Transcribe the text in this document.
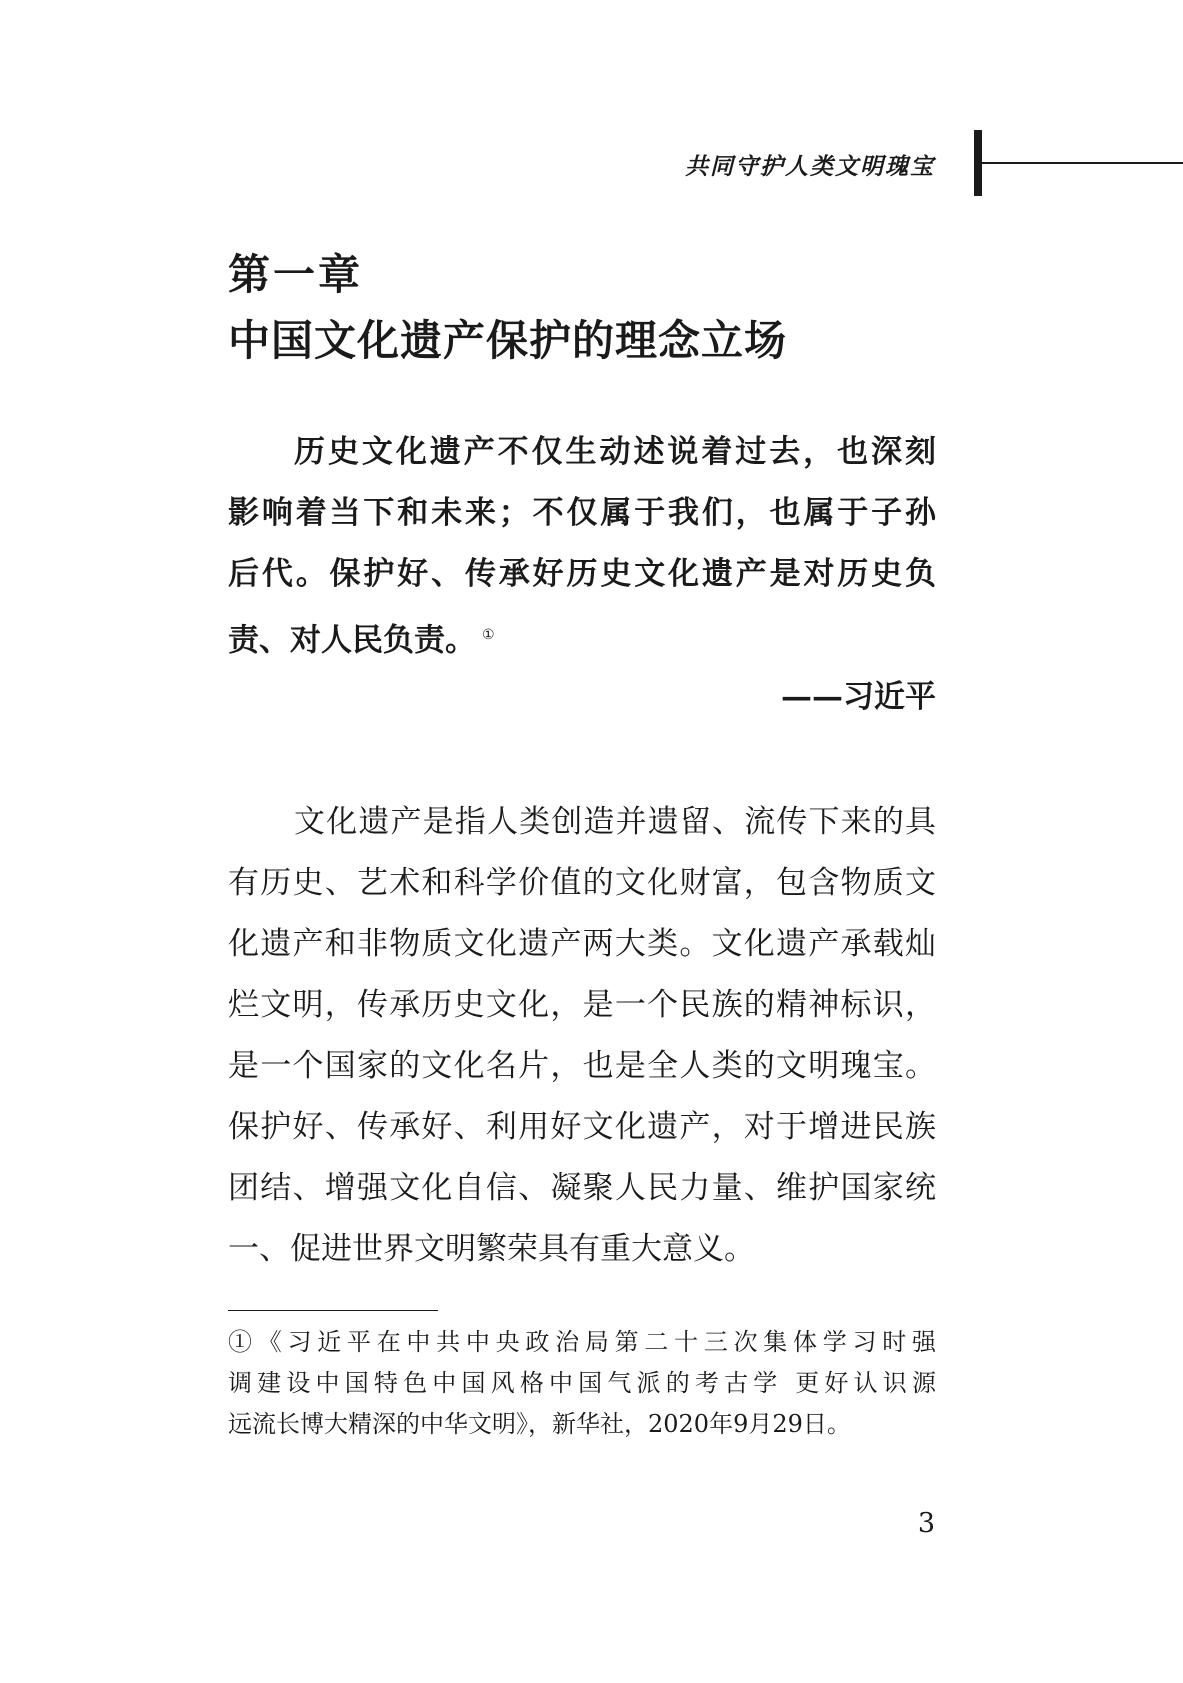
共同守护人类文明瑰宝
第一章
中国文化遗产保护的理念立场
历史文化遗产不仅生动述说着过去，也深刻
影响着当下和未来；不仅属于我们，也属于子孙
后代。保护好、传承好历史文化遗产是对历史负
责、对人民负责。 ①
——习近平
文化遗产是指人类创造并遗留、流传下来的具
有历史、艺术和科学价值的文化财富，包含物质文
化遗产和非物质文化遗产两大类。文化遗产承载灿
烂文明，传承历史文化，是一个民族的精神标识，
是一个国家的文化名片，也是全人类的文明瑰宝。
保护好、传承好、利用好文化遗产，对于增进民族
团结、增强文化自信、凝聚人民力量、维护国家统
一、促进世界文明繁荣具有重大意义。
①《习近平在中共中央政治局第二十三次集体学习时强
调建设中国特色中国风格中国气派的考古学 更好认识源
远流长博大精深的中华文明》，新华社，2020年9月29日。
3
